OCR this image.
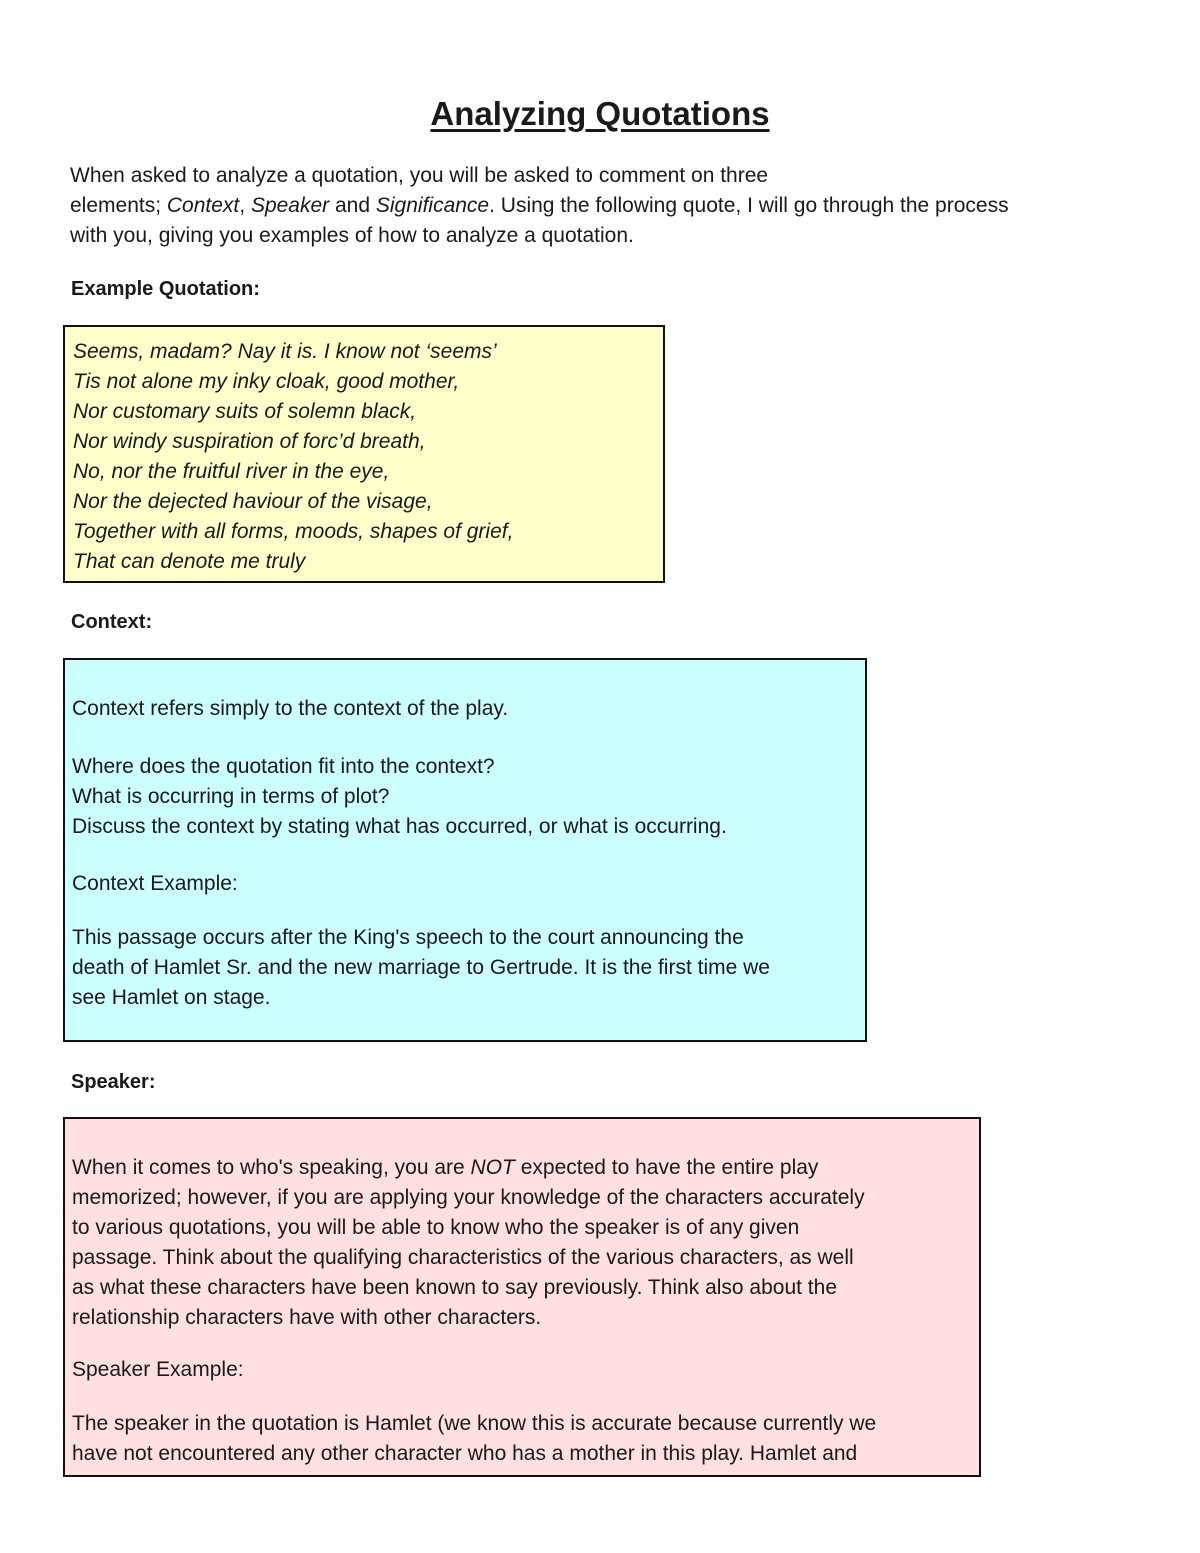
Analyzing Quotations

When asked to analyze a quotation, you will be asked to comment on three
elements; Context, Speaker and Significance. Using the following quote, I will go through the process
with you, giving you examples of how to analyze a quotation.

Example Quotation:

Seems, madam? Nay it is. I know not ‘seems’
Tis not alone my inky cloak, good mother,
Nor customary suits of solemn black,
Nor windy suspiration of forc’d breath,
No, nor the fruitful river in the eye,
Nor the dejected haviour of the visage,
Together with all forms, moods, shapes of grief,
That can denote me truly

Context:

Context refers simply to the context of the play.

Where does the quotation fit into the context?
What is occurring in terms of plot?
Discuss the context by stating what has occurred, or what is occurring.

Context Example:

This passage occurs after the King's speech to the court announcing the
death of Hamlet Sr. and the new marriage to Gertrude. It is the first time we
see Hamlet on stage.

Speaker:

When it comes to who's speaking, you are NOT expected to have the entire play
memorized; however, if you are applying your knowledge of the characters accurately
to various quotations, you will be able to know who the speaker is of any given
passage. Think about the qualifying characteristics of the various characters, as well
as what these characters have been known to say previously. Think also about the
relationship characters have with other characters.

Speaker Example:

The speaker in the quotation is Hamlet (we know this is accurate because currently we
have not encountered any other character who has a mother in this play. Hamlet and
